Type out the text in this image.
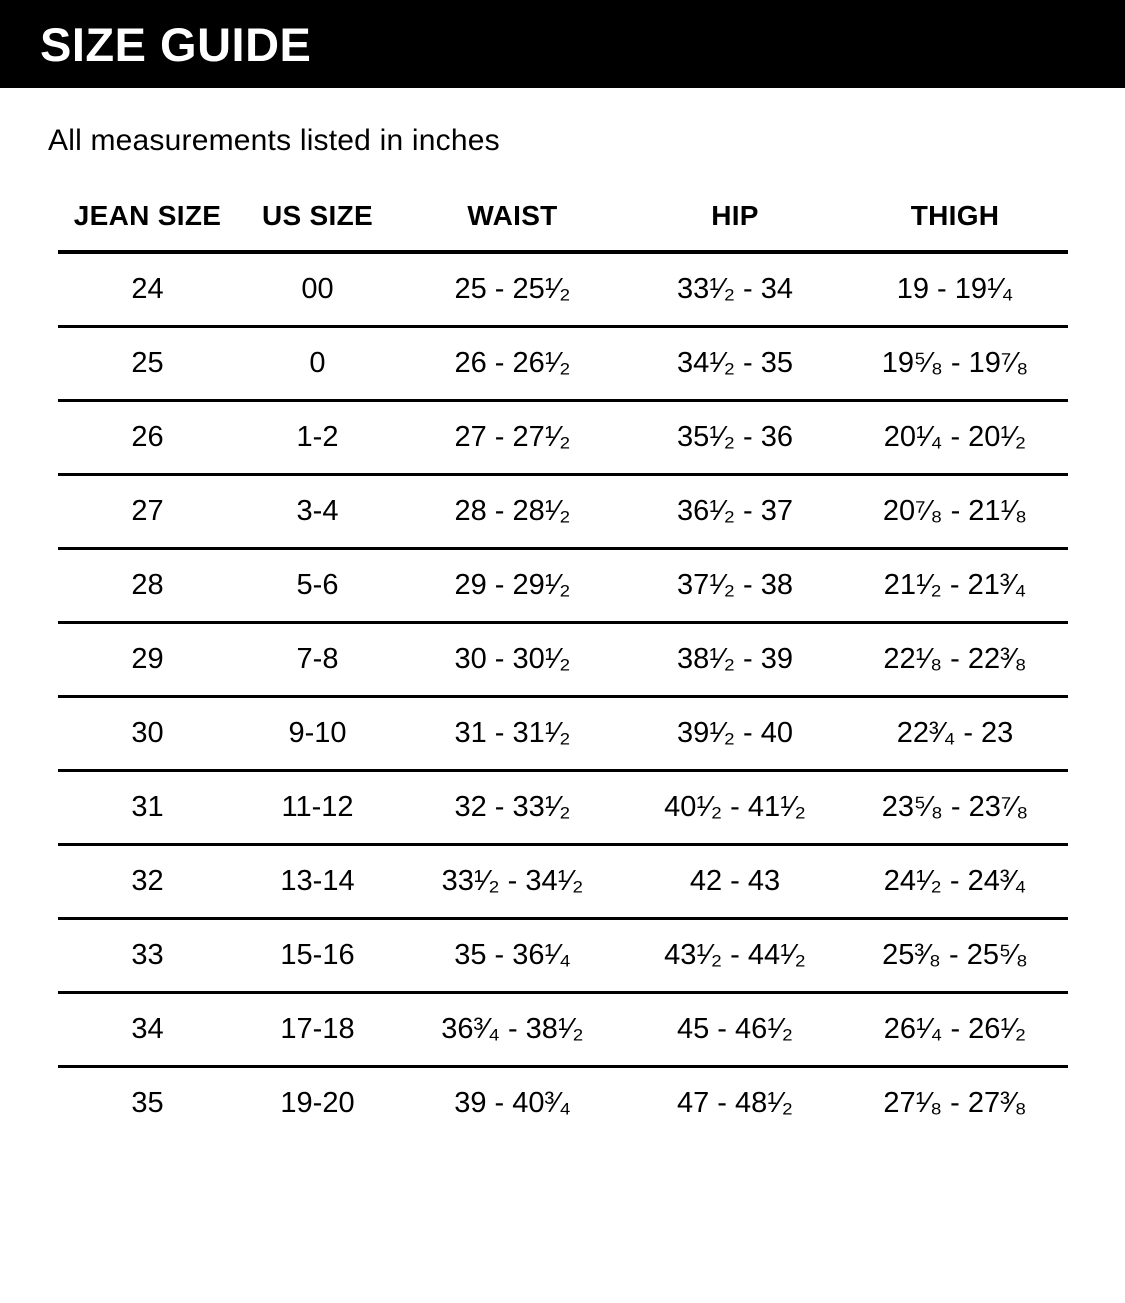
SIZE GUIDE
All measurements listed in inches
JEAN SIZE	US SIZE	WAIST	HIP	THIGH
24	00	25 - 25¹⁄₂	33¹⁄₂ - 34	19 - 19¹⁄₄
25	0	26 - 26¹⁄₂	34¹⁄₂ - 35	19⁵⁄₈ - 19⁷⁄₈
26	1-2	27 - 27¹⁄₂	35¹⁄₂ - 36	20¹⁄₄ - 20¹⁄₂
27	3-4	28 - 28¹⁄₂	36¹⁄₂ - 37	20⁷⁄₈ - 21¹⁄₈
28	5-6	29 - 29¹⁄₂	37¹⁄₂ - 38	21¹⁄₂ - 21³⁄₄
29	7-8	30 - 30¹⁄₂	38¹⁄₂ - 39	22¹⁄₈ - 22³⁄₈
30	9-10	31 - 31¹⁄₂	39¹⁄₂ - 40	22³⁄₄ - 23
31	11-12	32 - 33¹⁄₂	40¹⁄₂ - 41¹⁄₂	23⁵⁄₈ - 23⁷⁄₈
32	13-14	33¹⁄₂ - 34¹⁄₂	42 - 43	24¹⁄₂ - 24³⁄₄
33	15-16	35 - 36¹⁄₄	43¹⁄₂ - 44¹⁄₂	25³⁄₈ - 25⁵⁄₈
34	17-18	36³⁄₄ - 38¹⁄₂	45 - 46¹⁄₂	26¹⁄₄ - 26¹⁄₂
35	19-20	39 - 40³⁄₄	47 - 48¹⁄₂	27¹⁄₈ - 27³⁄₈
